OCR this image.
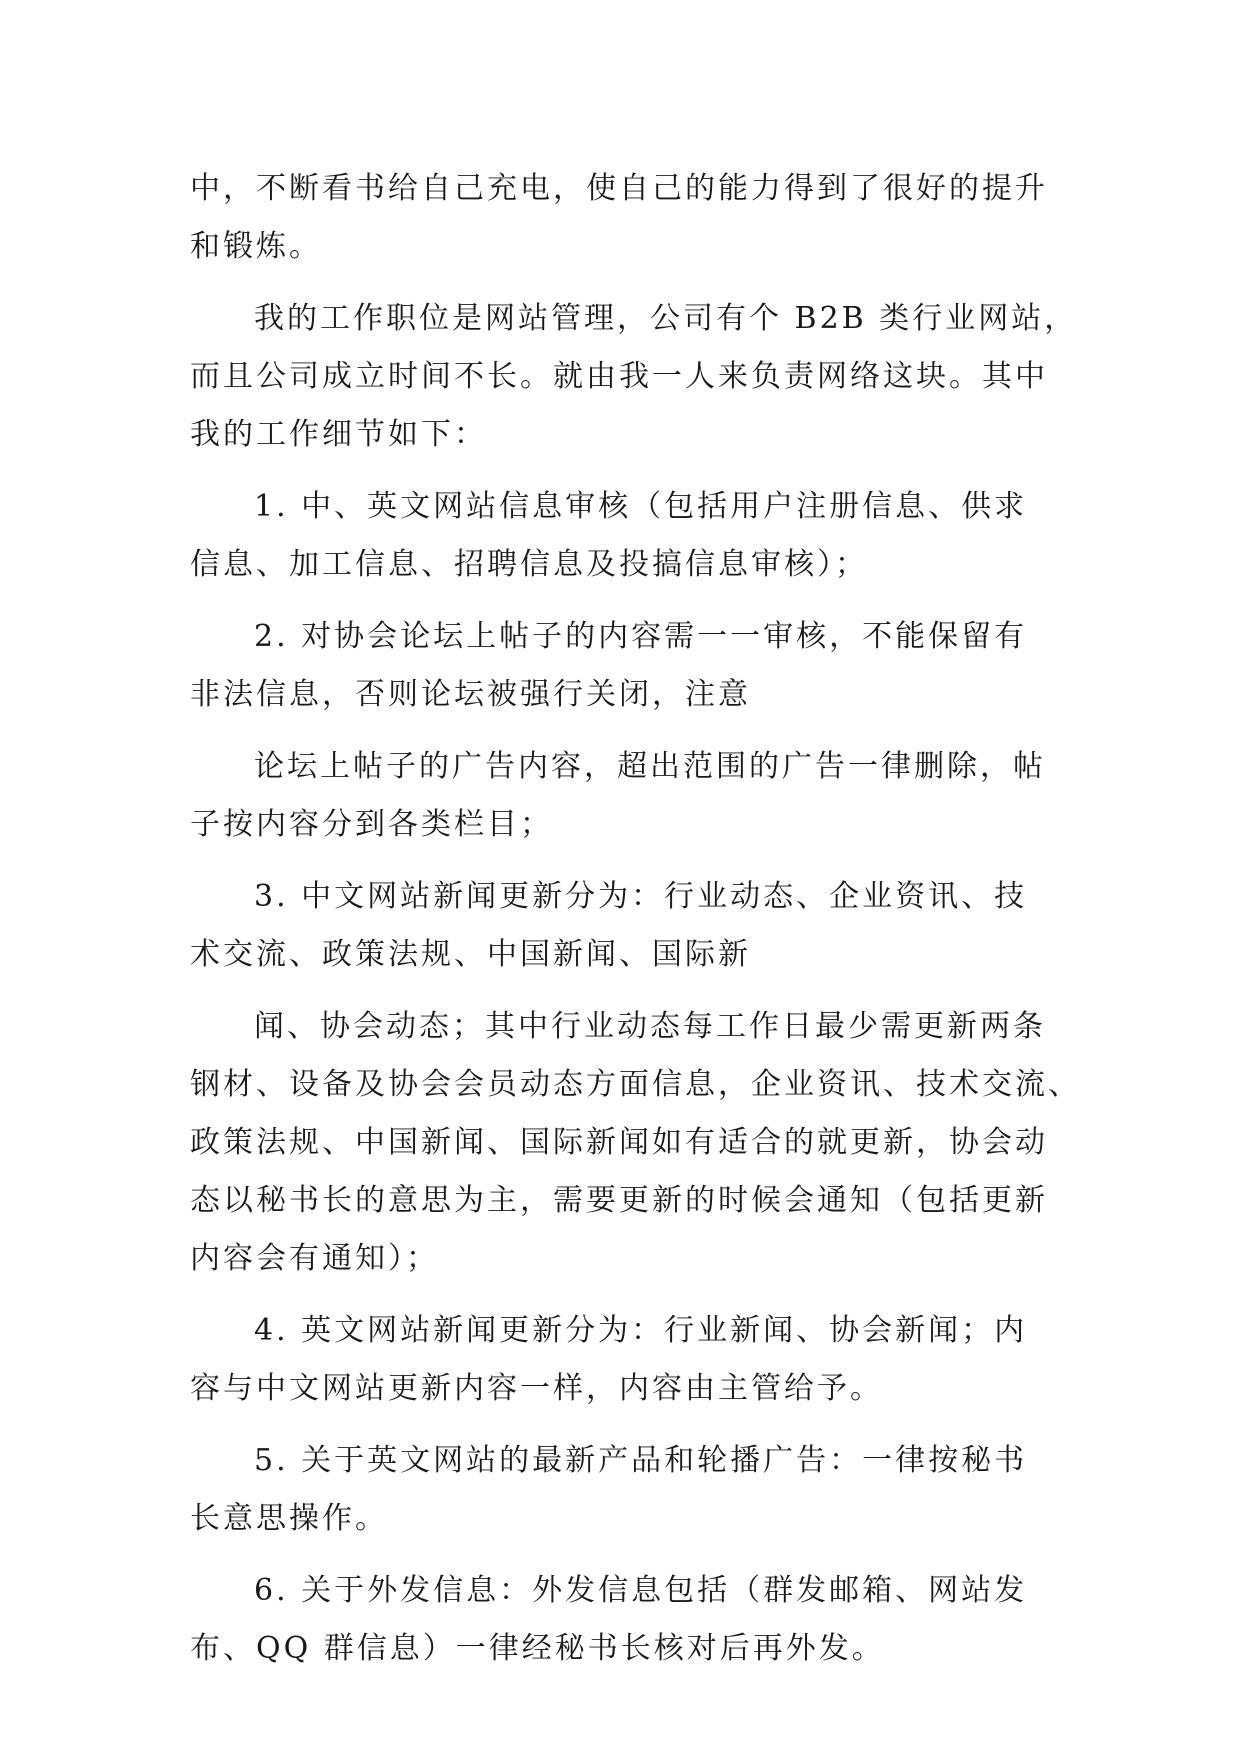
中，不断看书给自己充电，使自己的能力得到了很好的提升
和锻炼。
我的工作职位是网站管理，公司有个 B2B 类行业网站，
而且公司成立时间不长。就由我一人来负责网络这块。其中
我的工作细节如下：
1. 中、英文网站信息审核（包括用户注册信息、供求
信息、加工信息、招聘信息及投搞信息审核）；
2. 对协会论坛上帖子的内容需一一审核，不能保留有
非法信息，否则论坛被强行关闭，注意
论坛上帖子的广告内容，超出范围的广告一律删除，帖
子按内容分到各类栏目；
3. 中文网站新闻更新分为：行业动态、企业资讯、技
术交流、政策法规、中国新闻、国际新
闻、协会动态；其中行业动态每工作日最少需更新两条
钢材、设备及协会会员动态方面信息，企业资讯、技术交流、
政策法规、中国新闻、国际新闻如有适合的就更新，协会动
态以秘书长的意思为主，需要更新的时候会通知（包括更新
内容会有通知）；
4. 英文网站新闻更新分为：行业新闻、协会新闻；内
容与中文网站更新内容一样，内容由主管给予。
5. 关于英文网站的最新产品和轮播广告：一律按秘书
长意思操作。
6. 关于外发信息：外发信息包括（群发邮箱、网站发
布、QQ 群信息）一律经秘书长核对后再外发。
